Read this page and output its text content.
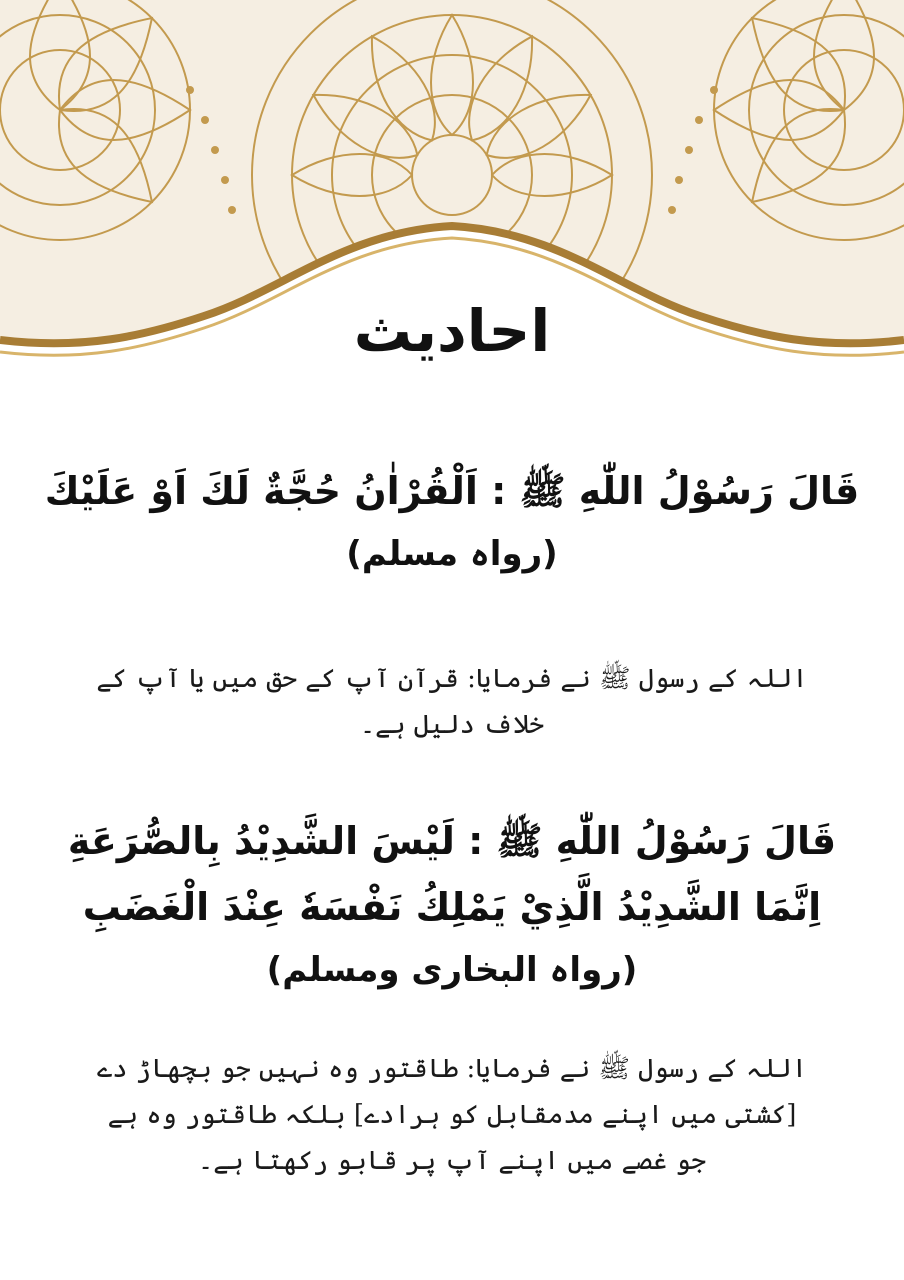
احادیث

قَالَ رَسُوْلُ اللّٰهِ ﷺ : اَلْقُرْاٰنُ حُجَّةٌ لَكَ اَوْ عَلَيْكَ

(رواہ مسلم)

اللہ کے رسول ﷺ نے فرمایا: قرآن آپ کے حق میں یا آپ کے خلاف دلیل ہے۔

قَالَ رَسُوْلُ اللّٰهِ ﷺ : لَيْسَ الشَّدِيْدُ بِالصُّرَعَةِ اِنَّمَا الشَّدِيْدُ الَّذِيْ يَمْلِكُ نَفْسَهٗ عِنْدَ الْغَضَبِ

(رواہ البخاری ومسلم)

اللہ کے رسول ﷺ نے فرمایا: طاقتور وہ نہیں جو بچھاڑ دے [کشتی میں اپنے مدمقابل کو ہرادے] بلکہ طاقتور وہ ہے جو غصے میں اپنے آپ پر قابو رکھتا ہے۔
